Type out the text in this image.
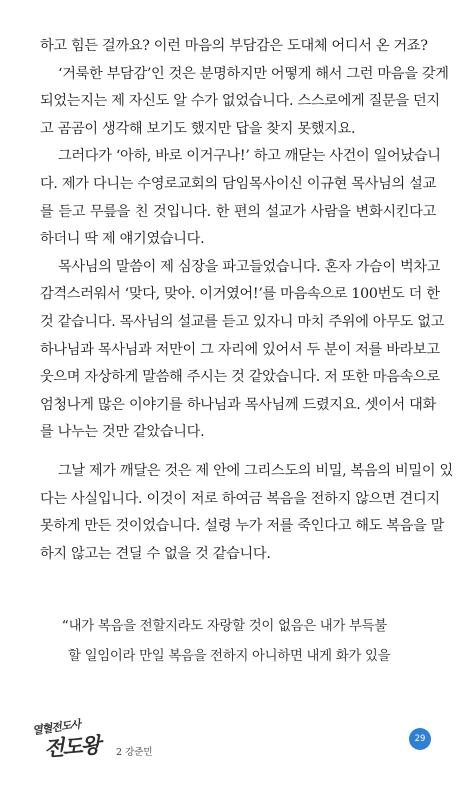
하고 힘든 걸까요? 이런 마음의 부담감은 도대체 어디서 온 거죠?
‘거룩한 부담감’인 것은 분명하지만 어떻게 해서 그런 마음을 갖게
되었는지는 제 자신도 알 수가 없었습니다. 스스로에게 질문을 던지
고 곰곰이 생각해 보기도 했지만 답을 찾지 못했지요.
그러다가 ‘아하, 바로 이거구나!’ 하고 깨닫는 사건이 일어났습니
다. 제가 다니는 수영로교회의 담임목사이신 이규현 목사님의 설교
를 듣고 무릎을 친 것입니다. 한 편의 설교가 사람을 변화시킨다고
하더니 딱 제 얘기였습니다.
목사님의 말씀이 제 심장을 파고들었습니다. 혼자 가슴이 벅차고
감격스러워서 ‘맞다, 맞아. 이거였어!’를 마음속으로 100번도 더 한
것 같습니다. 목사님의 설교를 듣고 있자니 마치 주위에 아무도 없고
하나님과 목사님과 저만이 그 자리에 있어서 두 분이 저를 바라보고
웃으며 자상하게 말씀해 주시는 것 같았습니다. 저 또한 마음속으로
엄청나게 많은 이야기를 하나님과 목사님께 드렸지요. 셋이서 대화
를 나누는 것만 같았습니다.
그날 제가 깨달은 것은 제 안에 그리스도의 비밀, 복음의 비밀이 있
다는 사실입니다. 이것이 저로 하여금 복음을 전하지 않으면 견디지
못하게 만든 것이었습니다. 설령 누가 저를 죽인다고 해도 복음을 말
하지 않고는 견딜 수 없을 것 같습니다.
“내가 복음을 전할지라도 자랑할 것이 없음은 내가 부득불
할 일임이라 만일 복음을 전하지 아니하면 내게 화가 있을
열혈전도사
전도왕 2 강준민
29
